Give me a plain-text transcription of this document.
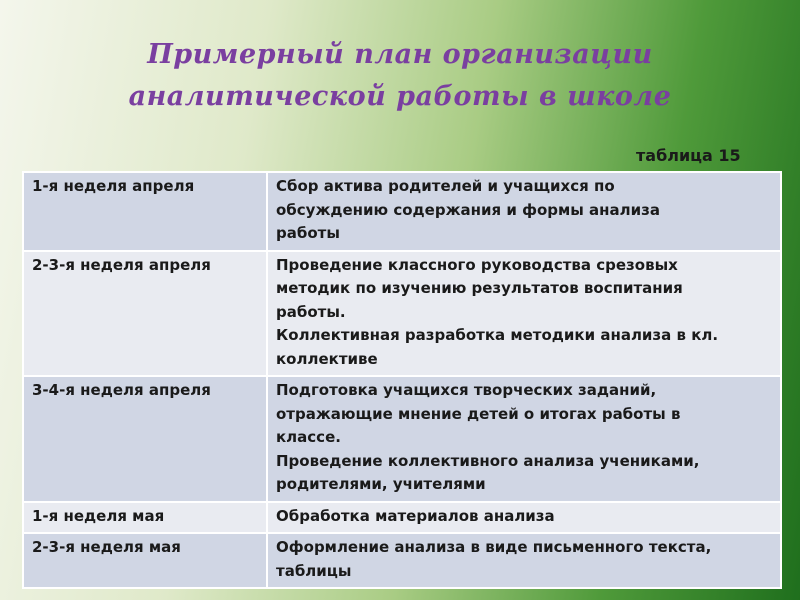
Примерный план организации
аналитической работы в школе
таблица 15
1-я неделя апреля	Сбор актива родителей и учащихся по
обсуждению содержания и формы анализа
работы

2-3-я неделя апреля	Проведение классного руководства срезовых
методик по изучению результатов воспитания
работы.
Коллективная разработка методики анализа в кл.
коллективе

3-4-я неделя апреля	Подготовка учащихся творческих заданий,
отражающие мнение детей о итогах работы в
классе.
Проведение коллективного анализа учениками,
родителями, учителями

1-я неделя мая	Обработка материалов анализа

2-3-я неделя мая	Оформление анализа в виде письменного текста,
таблицы
